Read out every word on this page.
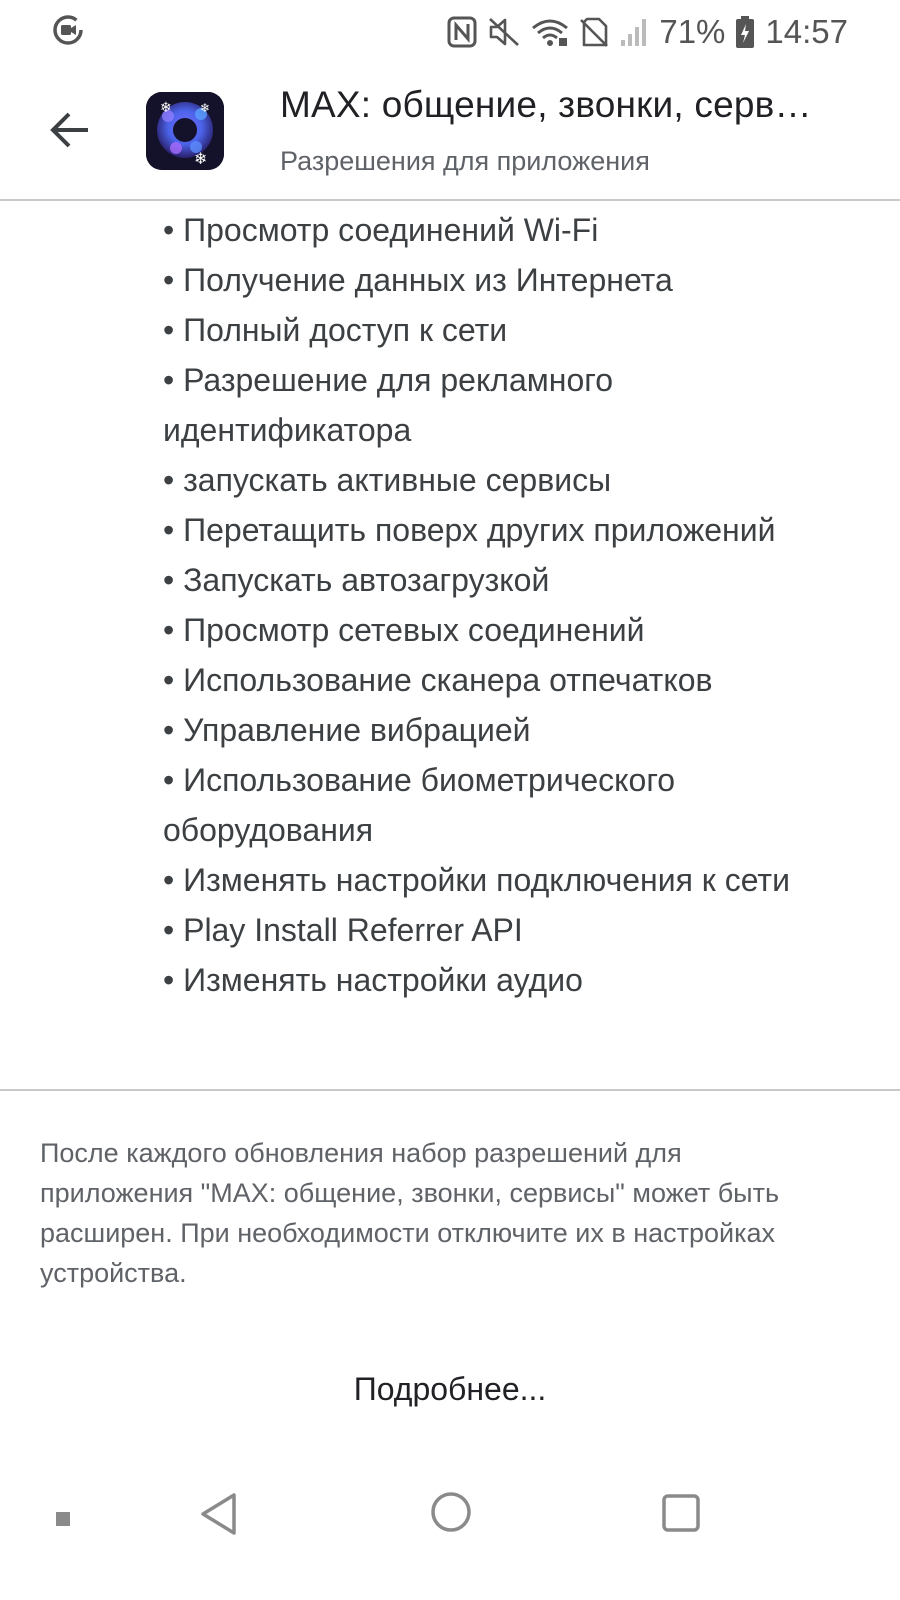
71% 14:57
❄ ❄
❄
MAX: общение, звонки, серв…
Разрешения для приложения
• Просмотр соединений Wi-Fi
• Получение данных из Интернета
• Полный доступ к сети
• Разрешение для рекламного идентификатора
• запускать активные сервисы
• Перетащить поверх других приложений
• Запускать автозагрузкой
• Просмотр сетевых соединений
• Использование сканера отпечатков
• Управление вибрацией
• Использование биометрического оборудования
• Изменять настройки подключения к сети
• Play Install Referrer API
• Изменять настройки аудио
После каждого обновления набор разрешений для приложения "MAX: общение, звонки, сервисы" может быть расширен. При необходимости отключите их в настройках устройства.
Подробнее...
